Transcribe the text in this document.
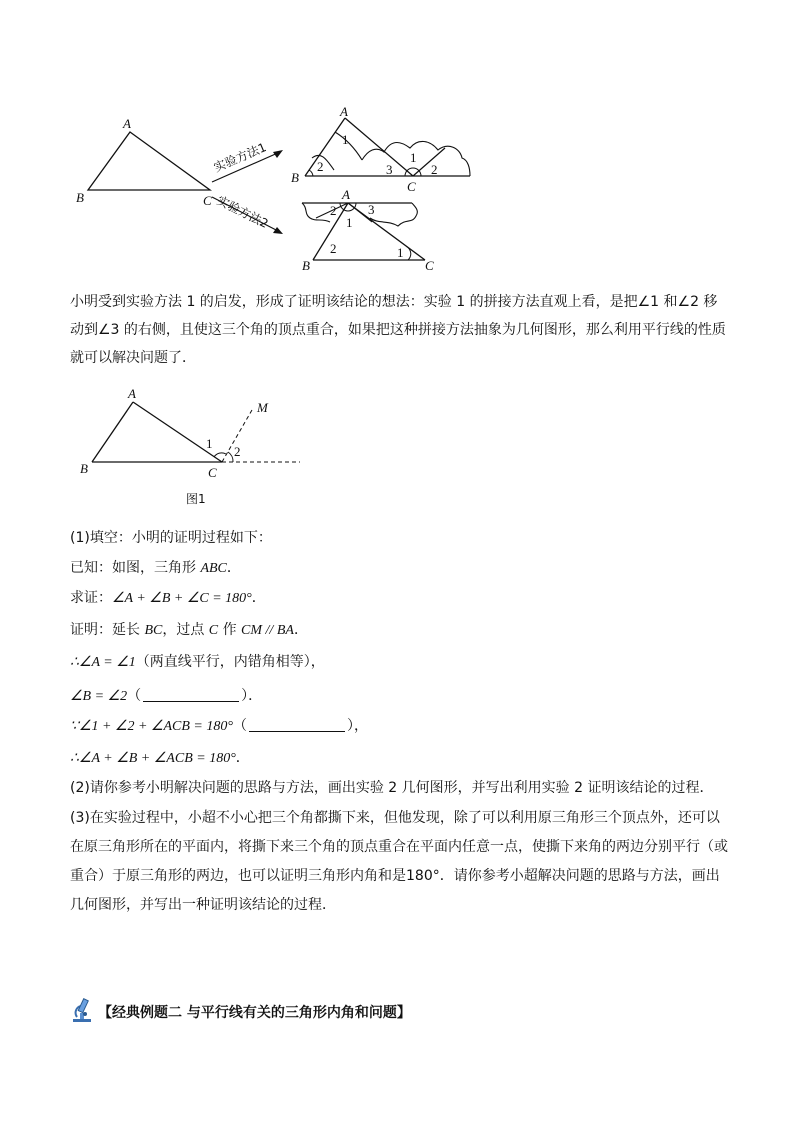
A
B	C
实验方法1
实验方法2
A
B
C
1
2	3
1
2
A
B	C
2
1
3
2	1

小明受到实验方法 1 的启发，形成了证明该结论的想法：实验 1 的拼接方法直观上看，是把∠1 和∠2 移动到∠3 的右侧，且使这三个角的顶点重合，如果把这种拼接方法抽象为几何图形，那么利用平行线的性质就可以解决问题了．

A
B	C
M
1
2
图1

(1)填空：小明的证明过程如下：

已知：如图，三角形 ABC．

求证：∠A + ∠B + ∠C = 180°．

证明：延长 BC，过点 C 作 CM // BA．

∴∠A = ∠1（两直线平行，内错角相等），

∠B = ∠2（	）．

∵∠1 + ∠2 + ∠ACB = 180°（	），

∴∠A + ∠B + ∠ACB = 180°．

(2)请你参考小明解决问题的思路与方法，画出实验 2 几何图形，并写出利用实验 2 证明该结论的过程．

(3)在实验过程中，小超不小心把三个角都撕下来，但他发现，除了可以利用原三角形三个顶点外，还可以在原三角形所在的平面内，将撕下来三个角的顶点重合在平面内任意一点，使撕下来角的两边分别平行（或重合）于原三角形的两边，也可以证明三角形内角和是180°．请你参考小超解决问题的思路与方法，画出几何图形，并写出一种证明该结论的过程．

【经典例题二 与平行线有关的三角形内角和问题】
